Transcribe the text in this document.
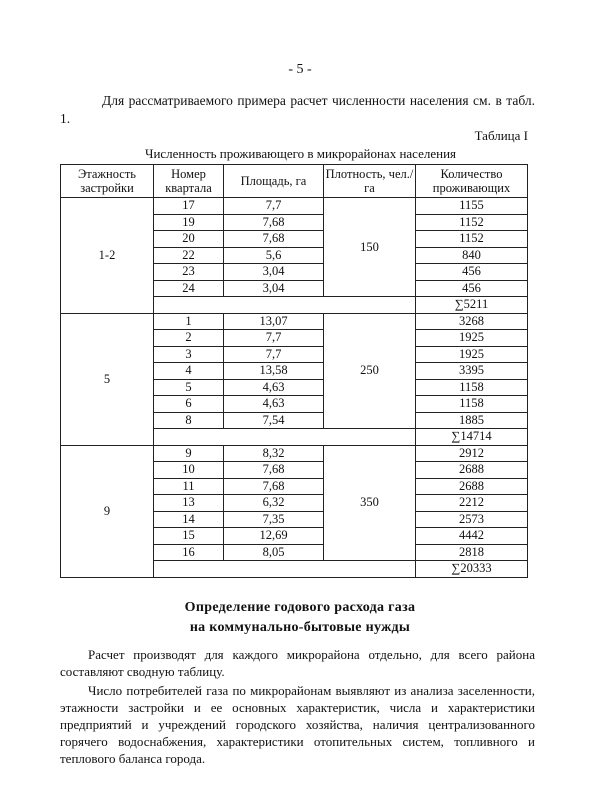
- 5 -
Для рассматриваемого примера расчет численности населения см. в табл. 1.
Таблица I
Численность проживающего в микрорайонах населения
Этажность застройки	Номер квартала	Площадь, га	Плотность, чел./га	Количество проживающих
1-2	17	7,7	150	1155
	19	7,68		1152
	20	7,68		1152
	22	5,6		840
	23	3,04		456
	24	3,04		456
				∑5211
5	1	13,07	250	3268
	2	7,7		1925
	3	7,7		1925
	4	13,58		3395
	5	4,63		1158
	6	4,63		1158
	8	7,54		1885
				∑14714
9	9	8,32	350	2912
	10	7,68		2688
	11	7,68		2688
	13	6,32		2212
	14	7,35		2573
	15	12,69		4442
	16	8,05		2818
				∑20333
Определение годового расхода газа
на коммунально-бытовые нужды
Расчет производят для каждого микрорайона отдельно, для всего района составляют сводную таблицу.
Число потребителей газа по микрорайонам выявляют из анализа заселенности, этажности застройки и ее основных характеристик, числа и характеристики предприятий и учреждений городского хозяйства, наличия централизованного горячего водоснабжения, характеристики отопительных систем, топливного и теплового баланса города.
